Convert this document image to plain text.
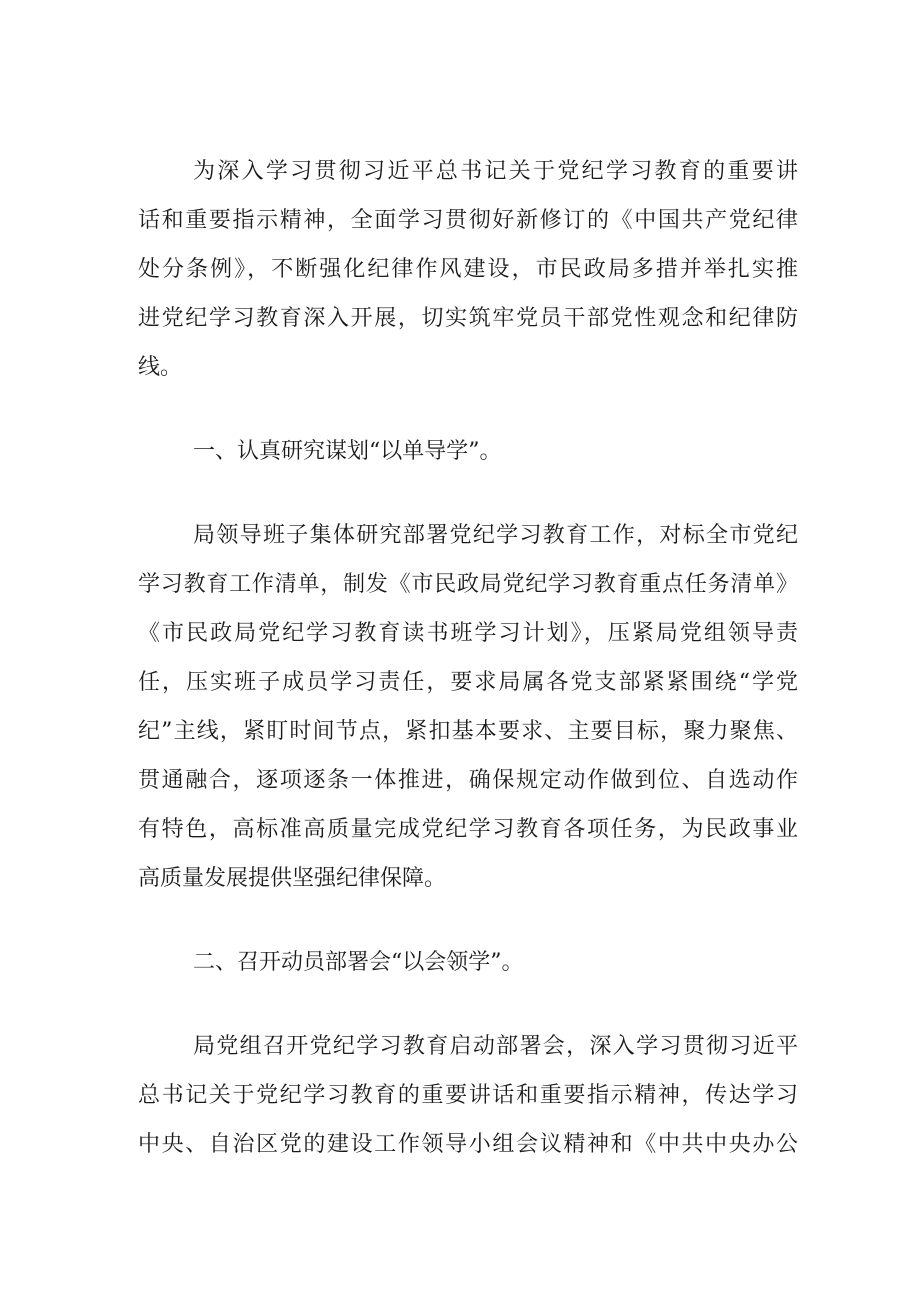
为深入学习贯彻习近平总书记关于党纪学习教育的重要讲

话和重要指示精神，全面学习贯彻好新修订的《中国共产党纪律

处分条例》，不断强化纪律作风建设，市民政局多措并举扎实推

进党纪学习教育深入开展，切实筑牢党员干部党性观念和纪律防

线。

一、认真研究谋划“以单导学”。

局领导班子集体研究部署党纪学习教育工作，对标全市党纪

学习教育工作清单，制发《市民政局党纪学习教育重点任务清单》

《市民政局党纪学习教育读书班学习计划》，压紧局党组领导责

任，压实班子成员学习责任，要求局属各党支部紧紧围绕“学党

纪”主线，紧盯时间节点，紧扣基本要求、主要目标，聚力聚焦、

贯通融合，逐项逐条一体推进，确保规定动作做到位、自选动作

有特色，高标准高质量完成党纪学习教育各项任务，为民政事业

高质量发展提供坚强纪律保障。

二、召开动员部署会“以会领学”。

局党组召开党纪学习教育启动部署会，深入学习贯彻习近平

总书记关于党纪学习教育的重要讲话和重要指示精神，传达学习

中央、自治区党的建设工作领导小组会议精神和《中共中央办公
